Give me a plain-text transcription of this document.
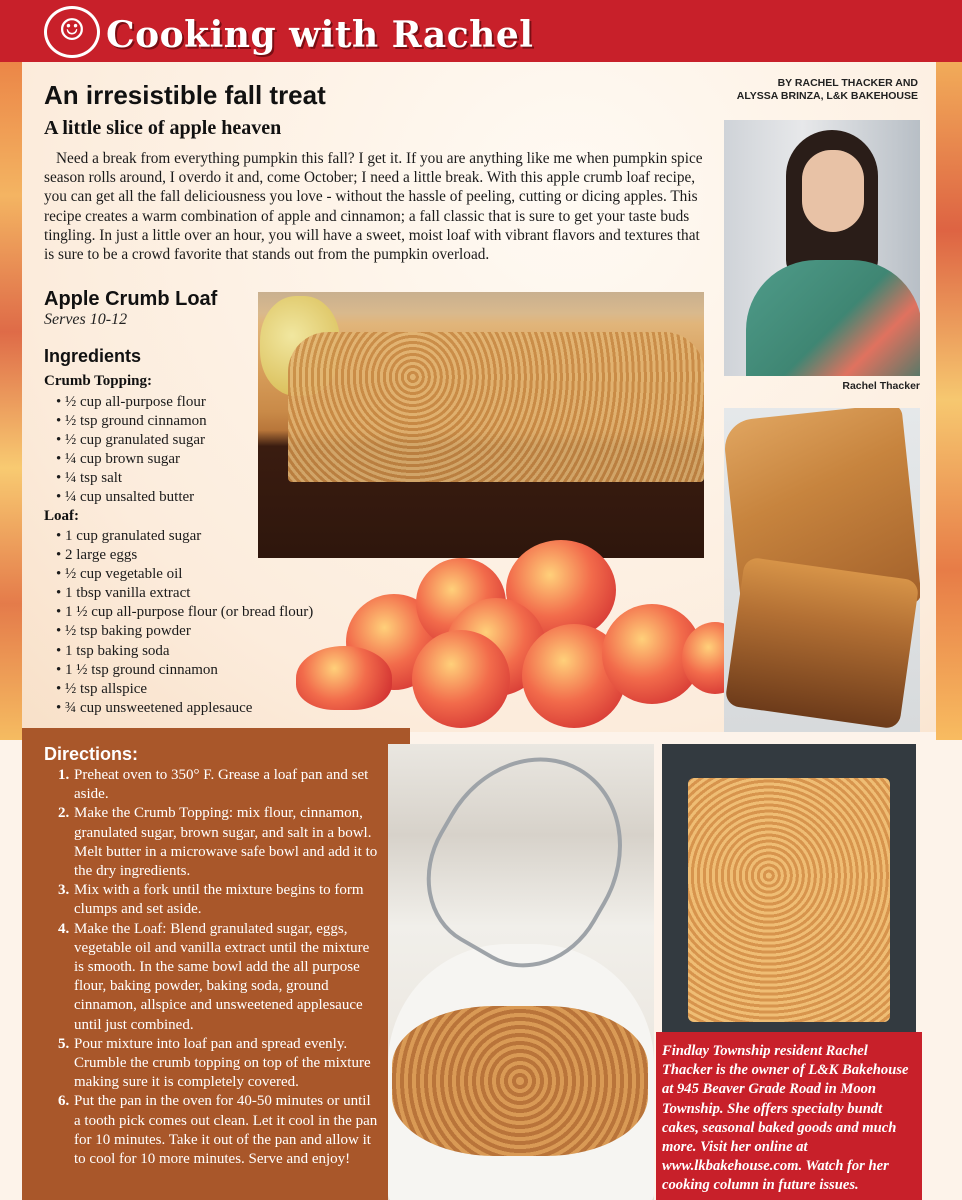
☺ Cooking with Rachel
An irresistible fall treat	BY RACHEL THACKER AND
ALYSSA BRINZA, L&K BAKEHOUSE
A little slice of apple heaven

Need a break from everything pumpkin this fall? I get it. If you are anything like me when pumpkin spice season rolls around, I overdo it and, come October; I need a little break. With this apple crumb loaf recipe, you can get all the fall deliciousness you love - without the hassle of peeling, cutting or dicing apples. This recipe creates a warm combination of apple and cinnamon; a fall classic that is sure to get your taste buds tingling. In just a little over an hour, you will have a sweet, moist loaf with vibrant flavors and textures that is sure to be a crowd favorite that stands out from the pumpkin overload.

Rachel Thacker
Apple Crumb Loaf
Serves 10-12
Ingredients
Crumb Topping:
• ½ cup all-purpose flour
• ½ tsp ground cinnamon
• ½ cup granulated sugar
• ¼ cup brown sugar
• ¼ tsp salt
• ¼ cup unsalted butter
Loaf:
• 1 cup granulated sugar
• 2 large eggs
• ½ cup vegetable oil
• 1 tbsp vanilla extract
• 1 ½ cup all-purpose flour (or bread flour)
• ½ tsp baking powder
• 1 tsp baking soda
• 1 ½ tsp ground cinnamon
• ½ tsp allspice
• ¾ cup unsweetened applesauce
Directions:
1. Preheat oven to 350° F. Grease a loaf pan and set aside.
2. Make the Crumb Topping: mix flour, cinnamon, granulated sugar, brown sugar, and salt in a bowl. Melt butter in a microwave safe bowl and add it to the dry ingredients.
3. Mix with a fork until the mixture begins to form clumps and set aside.
4. Make the Loaf: Blend granulated sugar, eggs, vegetable oil and vanilla extract until the mixture is smooth. In the same bowl add the all purpose flour, baking powder, baking soda, ground cinnamon, allspice and unsweetened applesauce until just combined.
5. Pour mixture into loaf pan and spread evenly. Crumble the crumb topping on top of the mixture making sure it is completely covered.
6. Put the pan in the oven for 40-50 minutes or until a tooth pick comes out clean. Let it cool in the pan for 10 minutes. Take it out of the pan and allow it to cool for 10 more minutes. Serve and enjoy!

Findlay Township resident Rachel Thacker is the owner of L&K Bakehouse at 945 Beaver Grade Road in Moon Township. She offers specialty bundt cakes, seasonal baked goods and much more. Visit her online at www.lkbakehouse.com. Watch for her cooking column in future issues.
